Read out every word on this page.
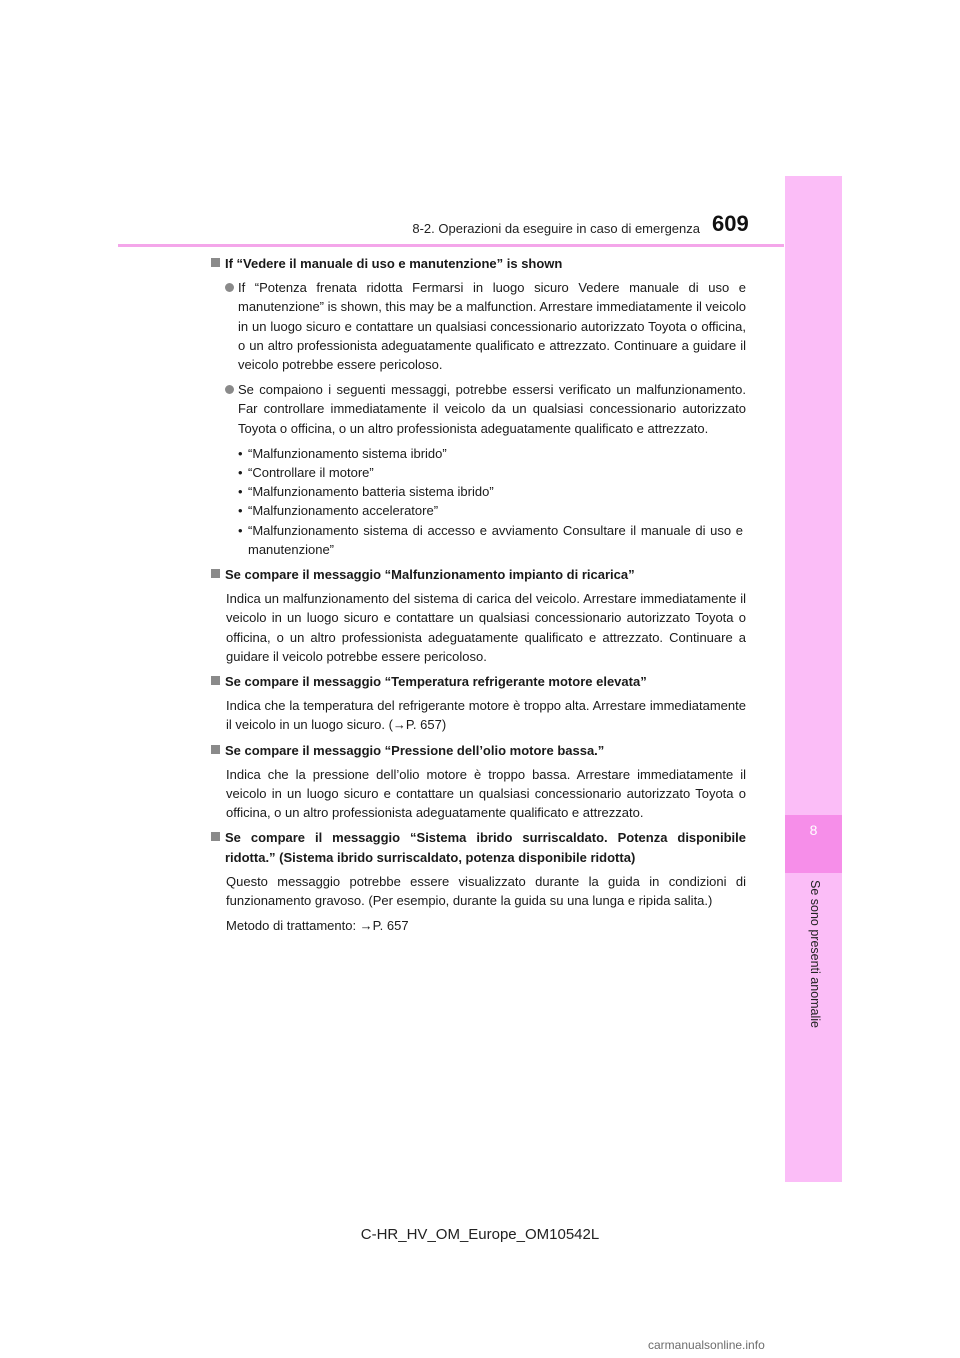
8-2. Operazioni da eseguire in caso di emergenza 609
8
Se sono presenti anomalie
If “Vedere il manuale di uso e manutenzione” is shown
If “Potenza frenata ridotta Fermarsi in luogo sicuro Vedere manuale di uso e manutenzione” is shown, this may be a malfunction. Arrestare immediatamente il veicolo in un luogo sicuro e contattare un qualsiasi concessionario autorizzato Toyota o officina, o un altro professionista adeguatamente qualificato e attrezzato. Continuare a guidare il veicolo potrebbe essere pericoloso.
Se compaiono i seguenti messaggi, potrebbe essersi verificato un malfunzionamento. Far controllare immediatamente il veicolo da un qualsiasi concessionario autorizzato Toyota o officina, o un altro professionista adeguatamente qualificato e attrezzato.
• “Malfunzionamento sistema ibrido”
• “Controllare il motore”
• “Malfunzionamento batteria sistema ibrido”
• “Malfunzionamento acceleratore”
• “Malfunzionamento sistema di accesso e avviamento Consultare il manuale di uso e manutenzione”
Se compare il messaggio “Malfunzionamento impianto di ricarica”
Indica un malfunzionamento del sistema di carica del veicolo. Arrestare immediatamente il veicolo in un luogo sicuro e contattare un qualsiasi concessionario autorizzato Toyota o officina, o un altro professionista adeguatamente qualificato e attrezzato. Continuare a guidare il veicolo potrebbe essere pericoloso.
Se compare il messaggio “Temperatura refrigerante motore elevata”
Indica che la temperatura del refrigerante motore è troppo alta. Arrestare immediatamente il veicolo in un luogo sicuro. (→P. 657)
Se compare il messaggio “Pressione dell’olio motore bassa.”
Indica che la pressione dell’olio motore è troppo bassa. Arrestare immediatamente il veicolo in un luogo sicuro e contattare un qualsiasi concessionario autorizzato Toyota o officina, o un altro professionista adeguatamente qualificato e attrezzato.
Se compare il messaggio “Sistema ibrido surriscaldato. Potenza disponibile ridotta.” (Sistema ibrido surriscaldato, potenza disponibile ridotta)
Questo messaggio potrebbe essere visualizzato durante la guida in condizioni di funzionamento gravoso. (Per esempio, durante la guida su una lunga e ripida salita.)
Metodo di trattamento: →P. 657
C-HR_HV_OM_Europe_OM10542L
carmanualsonline.info
